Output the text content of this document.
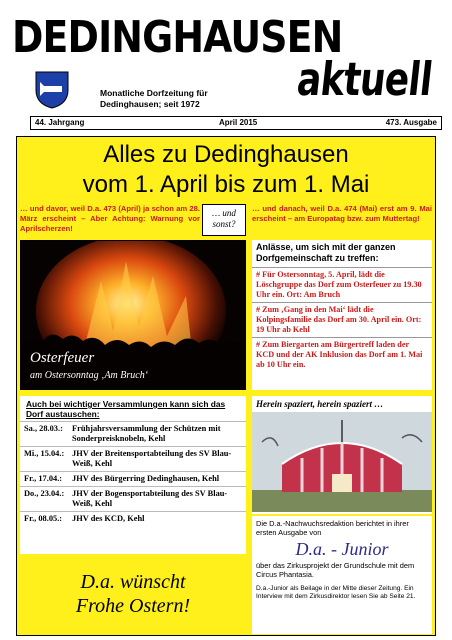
DEDINGHAUSEN
aktuell
Monatliche Dorfzeitung für
Dedinghausen; seit 1972
44. Jahrgang	April 2015	473. Ausgabe
Alles zu Dedinghausen
vom 1. April bis zum 1. Mai
… und davor, weil D.a. 473 (April) ja schon am 28. März erscheint – Aber Achtung: Warnung vor Aprilscherzen!
… und
sonst?
… und danach, weil D.a. 474 (Mai) erst am 9. Mai erscheint – am Europatag bzw. zum Muttertag!
Osterfeuer
am Ostersonntag ‚Am Bruch‘
Anlässe, um sich mit der ganzen Dorfgemeinschaft zu treffen:
# Für Ostersonntag, 5. April, lädt die Löschgruppe das Dorf zum Osterfeuer zu 19.30 Uhr ein. Ort: Am Bruch
# Zum ‚Gang in den Mai‘ lädt die Kolpingsfamilie das Dorf am 30. April ein. Ort: 19 Uhr ab Kehl
# Zum Biergarten am Bürgertreff laden der KCD und der AK Inklusion das Dorf am 1. Mai ab 10 Uhr ein.
Auch bei wichtiger Versammlungen kann sich das Dorf austauschen:
Sa., 28.03.: Frühjahrsversammlung der Schützen mit Sonderpreisknobeln, Kehl
Mi., 15.04.: JHV der Breitensportabteilung des SV Blau-Weiß, Kehl
Fr., 17.04.: JHV des Bürgerring Dedinghausen, Kehl
Do., 23.04.: JHV der Bogensportabteilung des SV Blau-Weiß, Kehl
Fr., 08.05.: JHV des KCD, Kehl
D.a. wünscht
Frohe Ostern!
Herein spaziert, herein spaziert …
Die D.a.-Nachwuchsredaktion berichtet in ihrer ersten Ausgabe von
D.a. - Junior
über das Zirkusprojekt der Grundschule mit dem Circus Phantasia.
D.a.-Junior als Beilage in der Mitte dieser Zeitung. Ein Interview mit dem Zirkusdirektor lesen Sie ab Seite 21.
